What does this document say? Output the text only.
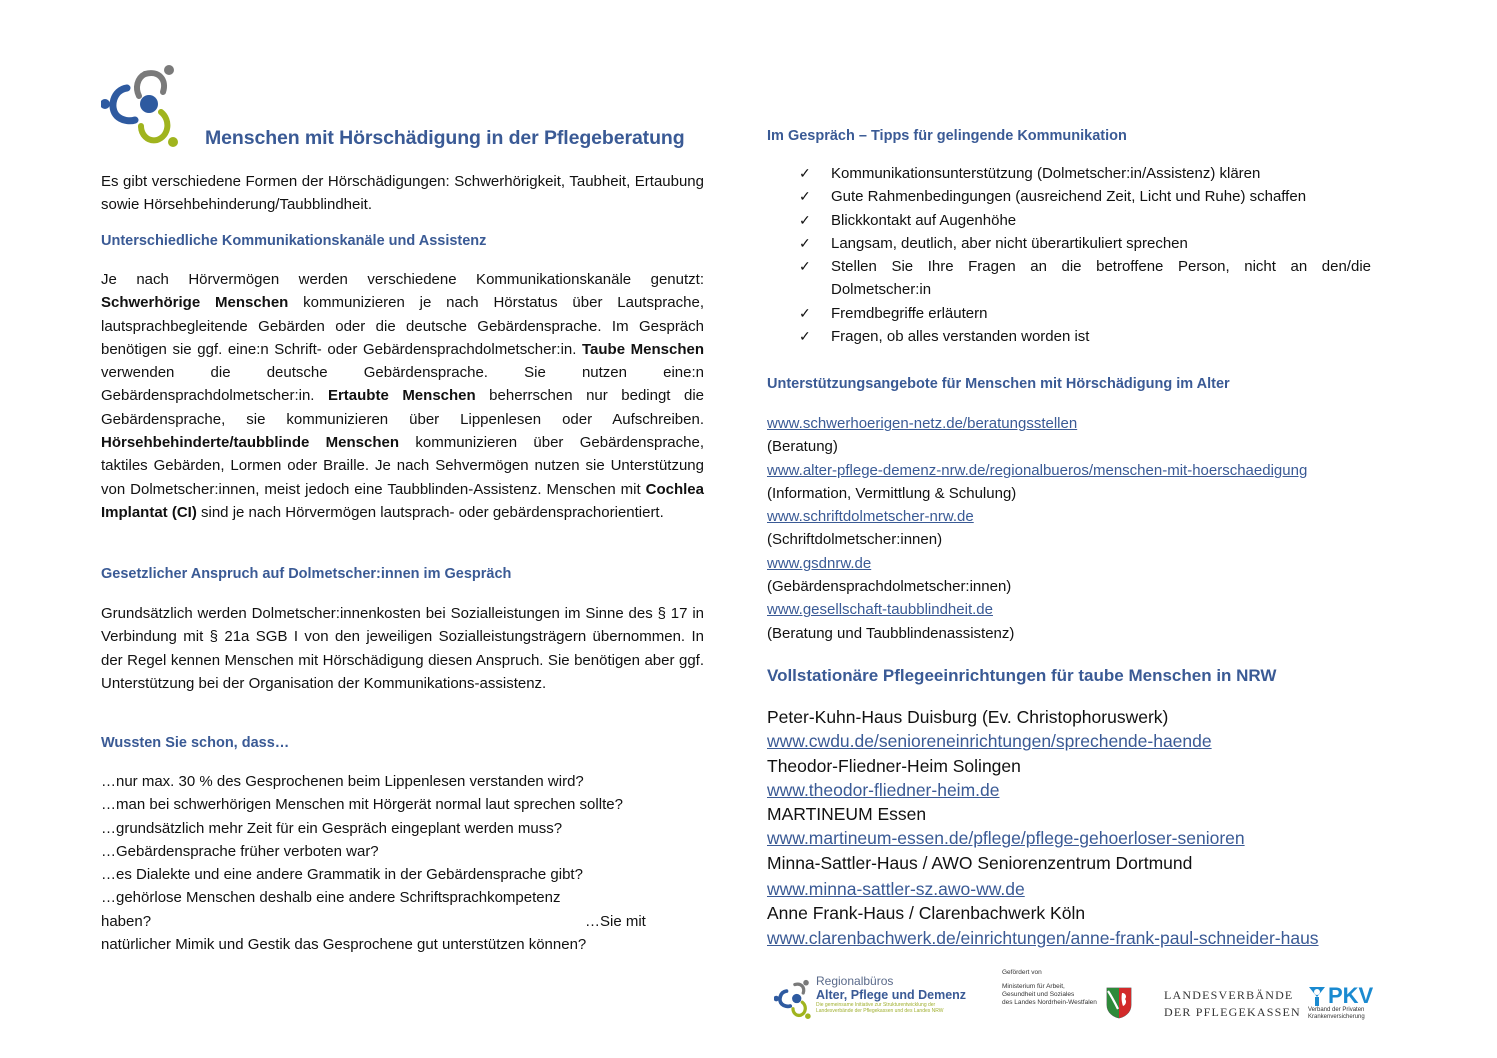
Menschen mit Hörschädigung in der Pflegeberatung

Es gibt verschiedene Formen der Hörschädigungen: Schwerhörigkeit, Taubheit, Ertaubung sowie Hörsehbehinderung/Taubblindheit.

Unterschiedliche Kommunikationskanäle und Assistenz

Je nach Hörvermögen werden verschiedene Kommunikationskanäle genutzt: Schwerhörige Menschen kommunizieren je nach Hörstatus über Lautsprache, lautsprachbegleitende Gebärden oder die deutsche Gebärdensprache. Im Gespräch benötigen sie ggf. eine:n Schrift- oder Gebärdensprachdolmetscher:in. Taube Menschen verwenden die deutsche Gebärdensprache. Sie nutzen eine:n Gebärdensprachdolmetscher:in. Ertaubte Menschen beherrschen nur bedingt die Gebärdensprache, sie kommunizieren über Lippenlesen oder Aufschreiben. Hörsehbehinderte/taubblinde Menschen kommunizieren über Gebärdensprache, taktiles Gebärden, Lormen oder Braille. Je nach Sehvermögen nutzen sie Unterstützung von Dolmetscher:innen, meist jedoch eine Taubblinden-Assistenz. Menschen mit Cochlea Implantat (CI) sind je nach Hörvermögen lautsprach- oder gebärdensprachorientiert.

Gesetzlicher Anspruch auf Dolmetscher:innen im Gespräch

Grundsätzlich werden Dolmetscher:innenkosten bei Sozialleistungen im Sinne des § 17 in Verbindung mit § 21a SGB I von den jeweiligen Sozialleistungsträgern übernommen. In der Regel kennen Menschen mit Hörschädigung diesen Anspruch. Sie benötigen aber ggf. Unterstützung bei der Organisation der Kommunikations-assistenz.

Wussten Sie schon, dass…

…nur max. 30 % des Gesprochenen beim Lippenlesen verstanden wird?
…man bei schwerhörigen Menschen mit Hörgerät normal laut sprechen sollte?
…grundsätzlich mehr Zeit für ein Gespräch eingeplant werden muss?
…Gebärdensprache früher verboten war?
…es Dialekte und eine andere Grammatik in der Gebärdensprache gibt?
…gehörlose Menschen deshalb eine andere Schriftsprachkompetenz
haben?	…Sie mit
natürlicher Mimik und Gestik das Gesprochene gut unterstützen können?

Im Gespräch – Tipps für gelingende Kommunikation

✓ Kommunikationsunterstützung (Dolmetscher:in/Assistenz) klären
✓ Gute Rahmenbedingungen (ausreichend Zeit, Licht und Ruhe) schaffen
✓ Blickkontakt auf Augenhöhe
✓ Langsam, deutlich, aber nicht überartikuliert sprechen
✓ Stellen Sie Ihre Fragen an die betroffene Person, nicht an den/die Dolmetscher:in
✓ Fremdbegriffe erläutern
✓ Fragen, ob alles verstanden worden ist

Unterstützungsangebote für Menschen mit Hörschädigung im Alter

www.schwerhoerigen-netz.de/beratungsstellen
(Beratung)
www.alter-pflege-demenz-nrw.de/regionalbueros/menschen-mit-hoerschaedigung
(Information, Vermittlung & Schulung)
www.schriftdolmetscher-nrw.de
(Schriftdolmetscher:innen)
www.gsdnrw.de
(Gebärdensprachdolmetscher:innen)
www.gesellschaft-taubblindheit.de
(Beratung und Taubblindenassistenz)

Vollstationäre Pflegeeinrichtungen für taube Menschen in NRW

Peter-Kuhn-Haus Duisburg (Ev. Christophoruswerk)
www.cwdu.de/senioreneinrichtungen/sprechende-haende
Theodor-Fliedner-Heim Solingen
www.theodor-fliedner-heim.de
MARTINEUM Essen
www.martineum-essen.de/pflege/pflege-gehoerloser-senioren
Minna-Sattler-Haus / AWO Seniorenzentrum Dortmund
www.minna-sattler-sz.awo-ww.de
Anne Frank-Haus / Clarenbachwerk Köln
www.clarenbachwerk.de/einrichtungen/anne-frank-paul-schneider-haus
Regionalbüros
Alter, Pflege und Demenz
Die gemeinsame Initiative zur Strukturentwicklung der Landesverbände der Pflegekassen und des Landes NRW
Gefördert von
Ministerium für Arbeit,
Gesundheit und Soziales
des Landes Nordrhein-Westfalen
LANDESVERBÄNDE
DER PFLEGEKASSEN
PKV
Verband der Privaten
Krankenversicherung
